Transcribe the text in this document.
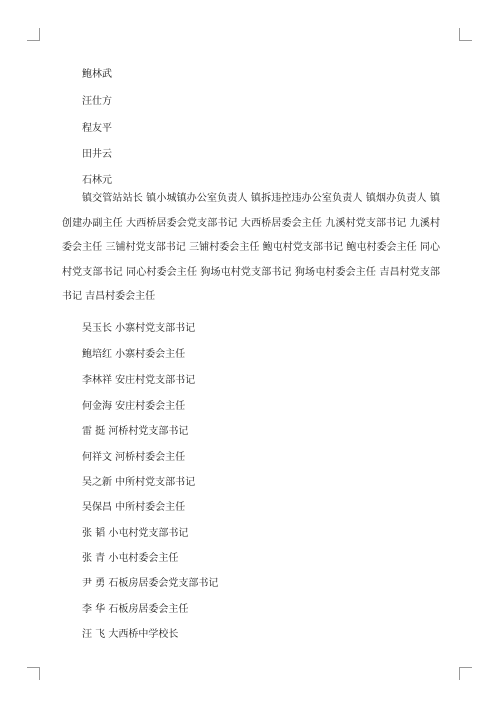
鲍林武
汪仕方
程友平
田井云
石林元
镇交管站站长 镇小城镇办公室负责人 镇拆违控违办公室负责人 镇烟办负责人 镇创建办副主任 大西桥居委会党支部书记 大西桥居委会主任 九溪村党支部书记 九溪村委会主任 三铺村党支部书记 三铺村委会主任 鲍屯村党支部书记 鲍屯村委会主任 同心村党支部书记 同心村委会主任 狗场屯村党支部书记 狗场屯村委会主任 吉昌村党支部书记 吉昌村委会主任
吴玉长 小寨村党支部书记
鲍培红 小寨村委会主任
李林祥 安庄村党支部书记
何金海 安庄村委会主任
雷 挺 河桥村党支部书记
何祥文 河桥村委会主任
吴之新 中所村党支部书记
吴保昌 中所村委会主任
张 韬 小屯村党支部书记
张 青 小屯村委会主任
尹 勇 石板房居委会党支部书记
李 华 石板房居委会主任
汪 飞 大西桥中学校长
